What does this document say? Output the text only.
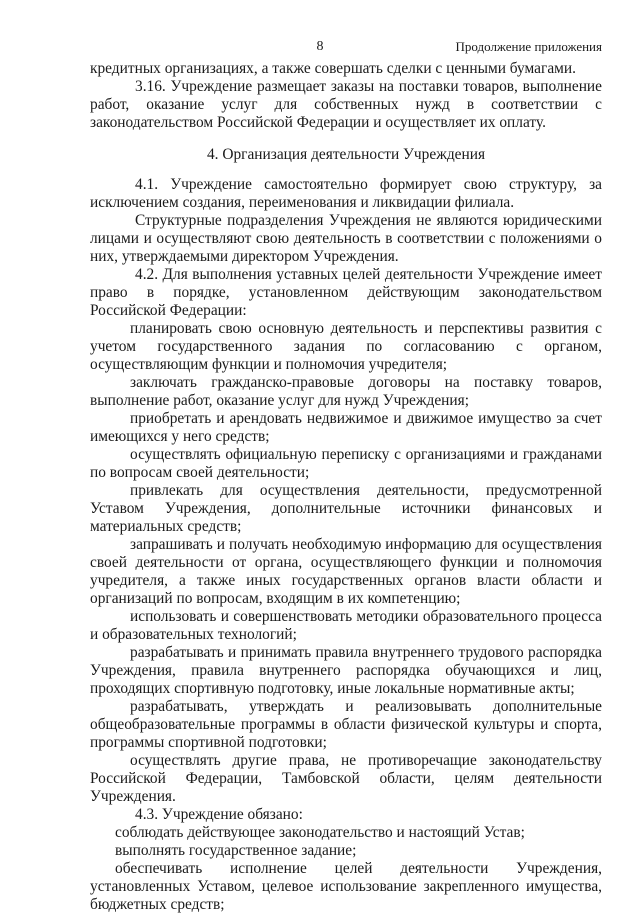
8	Продолжение приложения

кредитных организациях, а также совершать сделки с ценными бумагами.

3.16. Учреждение размещает заказы на поставки товаров, выполнение работ, оказание услуг для собственных нужд в соответствии с законодательством Российской Федерации и осуществляет их оплату.

4. Организация деятельности Учреждения

4.1. Учреждение самостоятельно формирует свою структуру, за исключением создания, переименования и ликвидации филиала.

Структурные подразделения Учреждения не являются юридическими лицами и осуществляют свою деятельность в соответствии с положениями о них, утверждаемыми директором Учреждения.

4.2. Для выполнения уставных целей деятельности Учреждение имеет право в порядке, установленном действующим законодательством Российской Федерации:

планировать свою основную деятельность и перспективы развития с учетом государственного задания по согласованию с органом, осуществляющим функции и полномочия учредителя;

заключать гражданско-правовые договоры на поставку товаров, выполнение работ, оказание услуг для нужд Учреждения;

приобретать и арендовать недвижимое и движимое имущество за счет имеющихся у него средств;

осуществлять официальную переписку с организациями и гражданами по вопросам своей деятельности;

привлекать для осуществления деятельности, предусмотренной Уставом Учреждения, дополнительные источники финансовых и материальных средств;

запрашивать и получать необходимую информацию для осуществления своей деятельности от органа, осуществляющего функции и полномочия учредителя, а также иных государственных органов власти области и организаций по вопросам, входящим в их компетенцию;

использовать и совершенствовать методики образовательного процесса и образовательных технологий;

разрабатывать и принимать правила внутреннего трудового распорядка Учреждения, правила внутреннего распорядка обучающихся и лиц, проходящих спортивную подготовку, иные локальные нормативные акты;

разрабатывать, утверждать и реализовывать дополнительные общеобразовательные программы в области физической культуры и спорта, программы спортивной подготовки;

осуществлять другие права, не противоречащие законодательству Российской Федерации, Тамбовской области, целям деятельности Учреждения.

4.3. Учреждение обязано:

соблюдать действующее законодательство и настоящий Устав;

выполнять государственное задание;

обеспечивать исполнение целей деятельности Учреждения, установленных Уставом, целевое использование закрепленного имущества, бюджетных средств;
